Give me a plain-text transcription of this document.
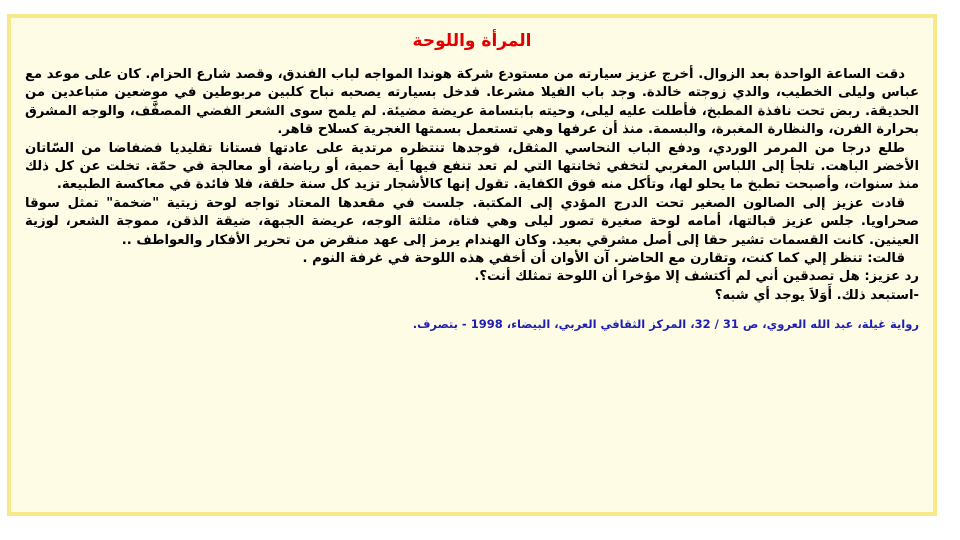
المرأة واللوحة

دقت الساعة الواحدة بعد الزوال. أخرج عزيز سيارته من مستودع شركة هوندا المواجه لباب الفندق، وقصد شارع الحزام. كان على موعد مع عباس وليلى الخطيب، والدي زوجته خالدة. وجد باب الفيلا مشرعا. فدخل بسيارته يصحبه نباح كلبين مربوطين في موضعين متباعدين من الحديقة. ربض تحت نافذة المطبخ، فأطلت عليه ليلى، وحيته بابتسامة عريضة مضيئة. لم يلمح سوى الشعر الفضي المصفَّف، والوجه المشرق بحرارة الفرن، والنظارة المغبرة، والبسمة. منذ أن عرفها وهي تستعمل بسمتها الغجرية كسلاح قاهر.

طلع درجا من المرمر الوردي، ودفع الباب النحاسي المثقل، فوجدها تنتظره مرتدية على عادتها فستانا تقليديا فضفاضا من السّاتان الأخضر الباهت. تلجأ إلى اللباس المغربي لتخفي ثخانتها التي لم تعد تنفع فيها أية حمية، أو رياضة، أو معالجة في حمّة. تخلت عن كل ذلك منذ سنوات، وأصبحت تطبخ ما يحلو لها، وتأكل منه فوق الكفاية. تقول إنها كالأشجار تزيد كل سنة حلقة، فلا فائدة في معاكسة الطبيعة.

قادت عزيز إلى الصالون الصغير تحت الدرج المؤدي إلى المكتبة. جلست في مقعدها المعتاد تواجه لوحة زيتية "ضخمة" تمثل سوقا صحراويا. جلس عزيز قبالتها، أمامه لوحة صغيرة تصور ليلى وهي فتاة، مثلثة الوجه، عريضة الجبهة، ضيقة الذقن، مموجة الشعر، لوزية العينين. كانت القسمات تشير حقا إلى أصل مشرقي بعيد. وكان الهندام يرمز إلى عهد منقرض من تحرير الأفكار والعواطف ..

قالت: تنظر إلي كما كنت، وتقارن مع الحاضر. آن الأوان أن أخفي هذه اللوحة في غرفة النوم .

رد عزيز: هل تصدقين أني لم أكتشف إلا مؤخرا أن اللوحة تمثلك أنت؟.

-استبعد ذلك. أَوَلاَ يوجد أي شبه؟

رواية غيلة، عبد الله العروي، ص 31 / 32، المركز الثقافي العربي، البيضاء، 1998 - بتصرف.
